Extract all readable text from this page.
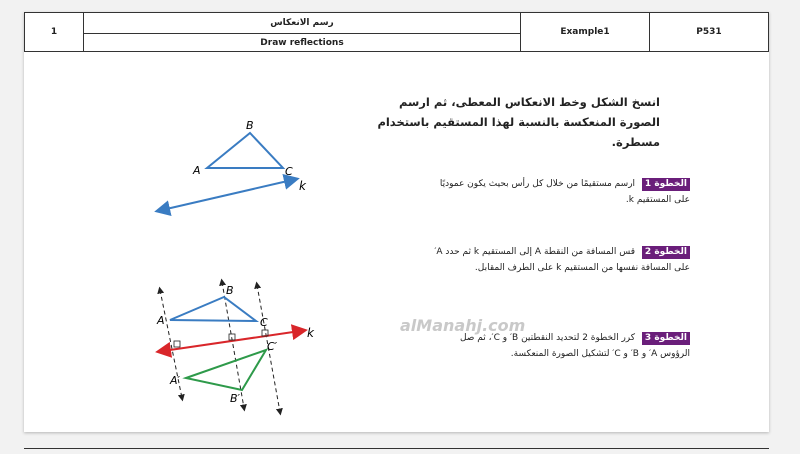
1	رسم الانعكاس	Example1	P531
Draw reflections
alManahj.com
A
B
C
k
A
B
C
k
A′
B′
C′
انسخ الشكل وخط الانعكاس المعطى، ثم ارسم الصورة المنعكسة بالنسبة لهذا المستقيم باستخدام مسطرة.
الخطوة 1 ارسم مستقيمًا من خلال كل رأس بحيث يكون عموديًا على المستقيم k.
الخطوة 2 قس المسافة من النقطة A إلى المستقيم k ثم حدد A′ على المسافة نفسها من المستقيم k على الطرف المقابل.
الخطوة 3 كرر الخطوة 2 لتحديد النقطتين B′ و C′، ثم صل الرؤوس A′ و B′ و C′ لتشكيل الصورة المنعكسة.
